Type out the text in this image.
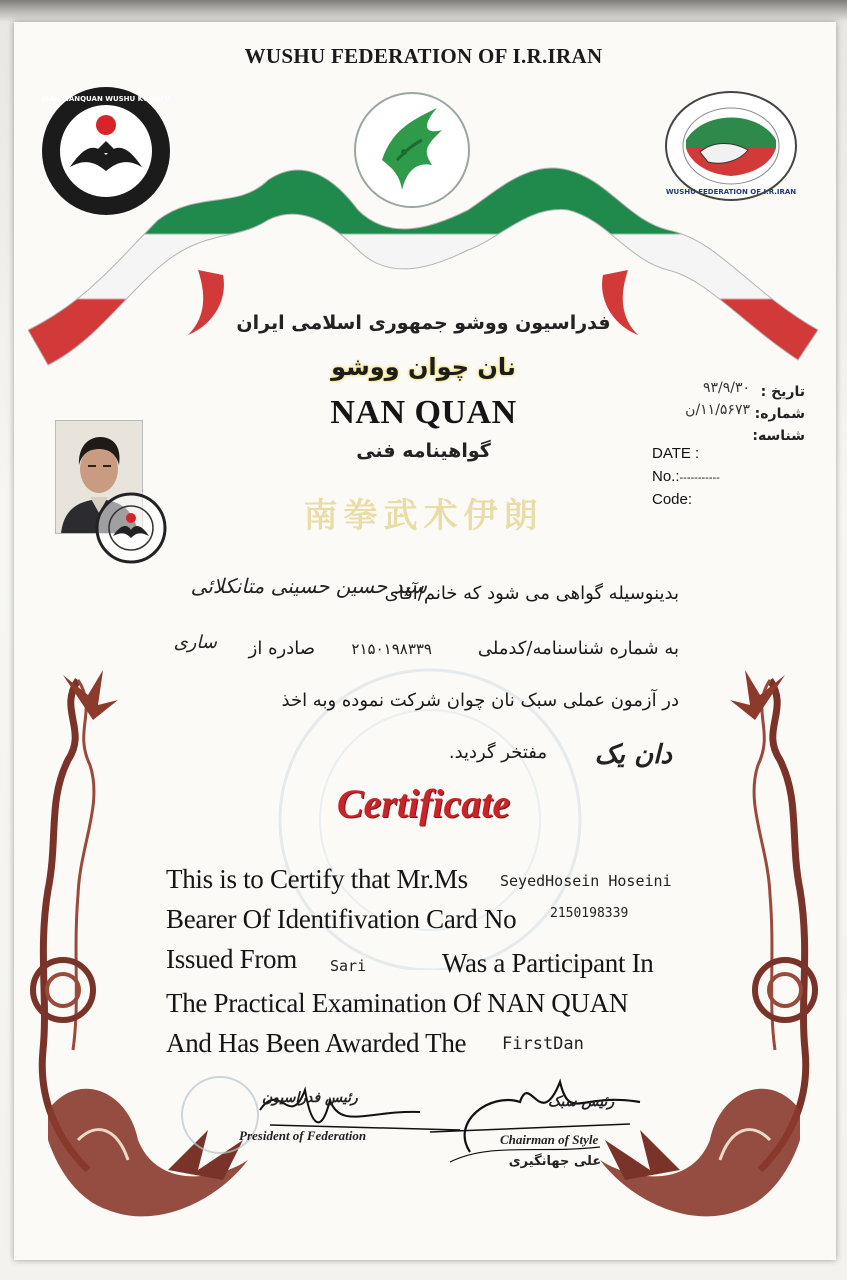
IRAN NANQUAN WUSHU KUNGFU
WUSHU FEDERATION OF I.R.IRAN
WUSHU FEDERATION OF I.R.IRAN
فدراسیون ووشو جمهوری اسلامی ایران
نان چوان ووشو
NAN QUAN
گواهینامه فنی
南拳武术伊朗
تاریخ :
شماره:
شناسه:
۹۳/۹/۳۰
۱۱/۵۶۷۳/ن
DATE :
No.:-----------
Code:
بدینوسیله گواهی می شود که خانم/آقای
سید حسین حسینی متانکلائی
به شماره شناسنامه/کدملی
۲۱۵۰۱۹۸۳۳۹
صادره از
ساری
در آزمون عملی سبک نان چوان شرکت نموده وبه اخذ
دان یک
مفتخر گردید.
Certificate
This is to Certify that Mr.Ms SeyedHosein Hoseini
Bearer Of Identifivation Card No	2150198339
Issued From Sari	Was a Participant In
The Practical Examination Of NAN QUAN
And Has Been Awarded The FirstDan
رئیس فدراسیون
President of Federation
رئیس سبک
Chairman of Style
علی جهانگیری
